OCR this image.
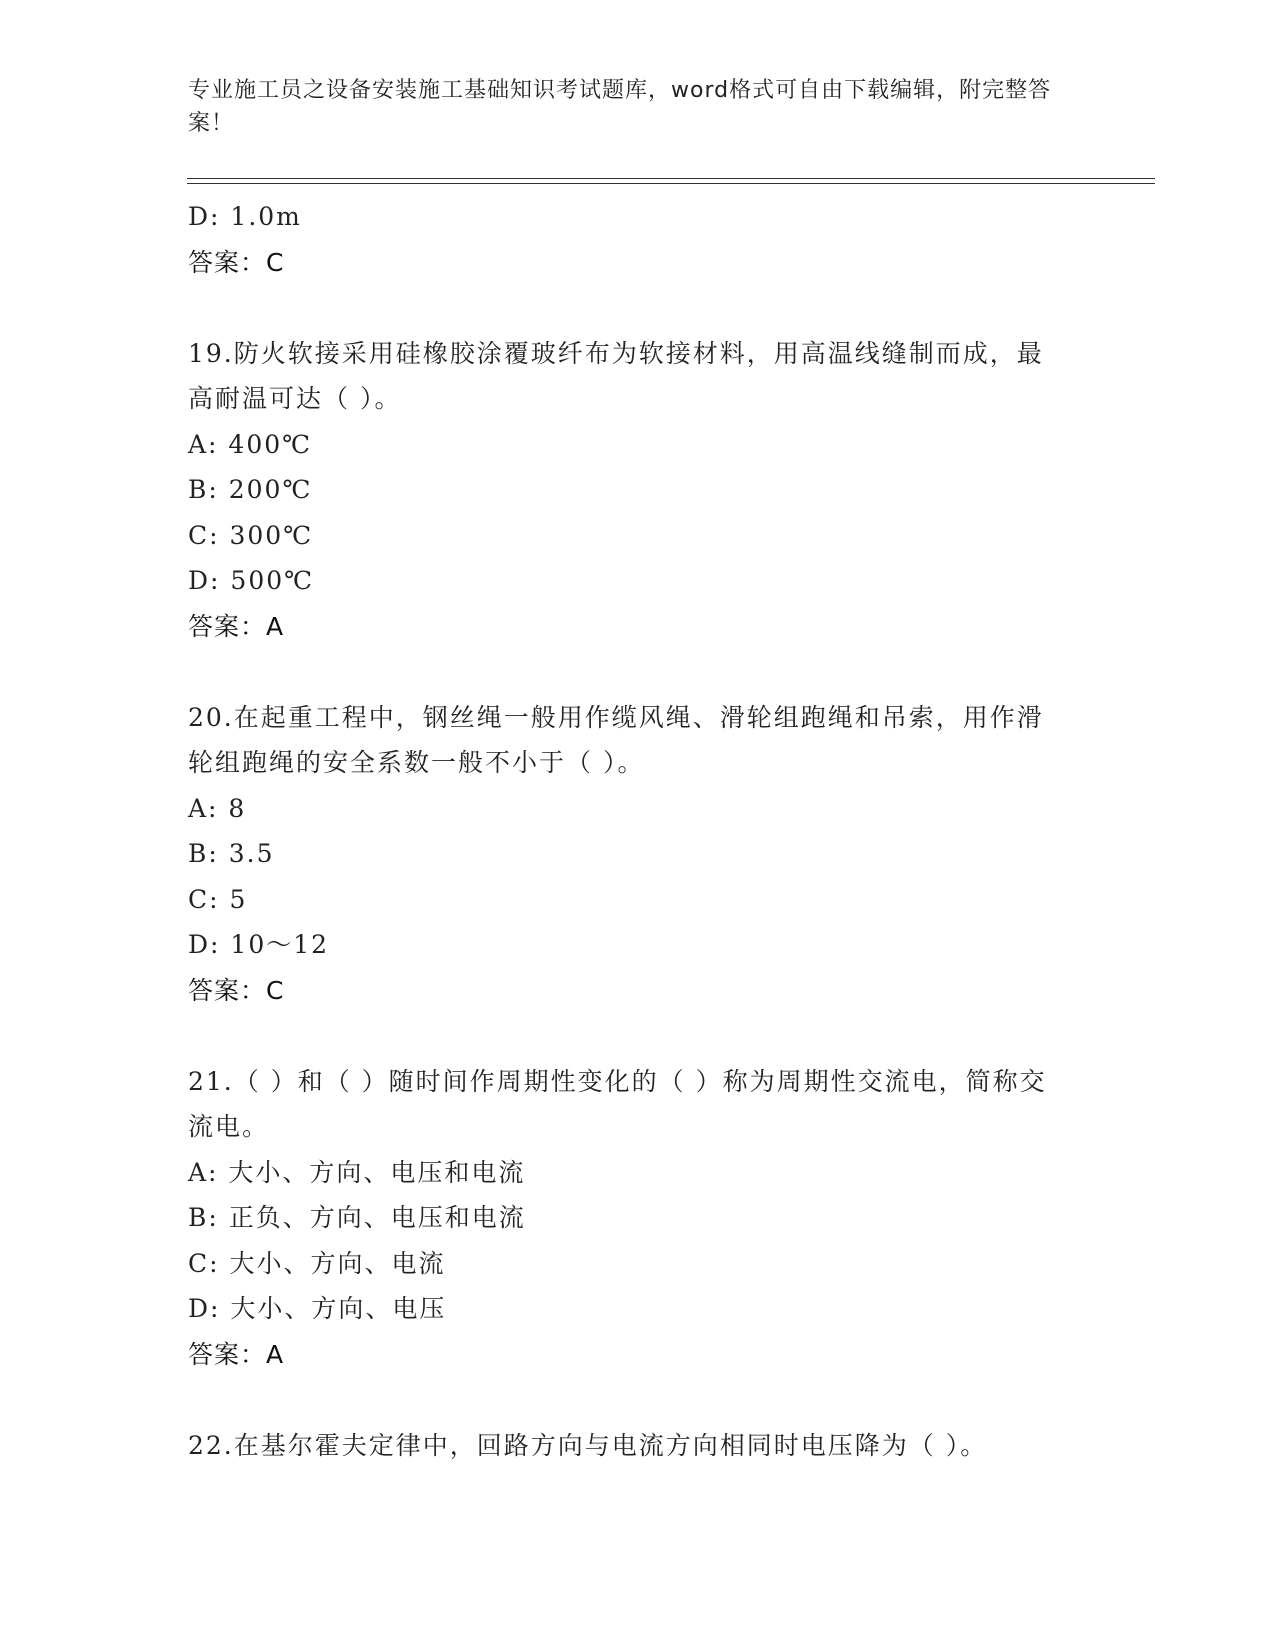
专业施工员之设备安装施工基础知识考试题库，word格式可自由下载编辑，附完整答案！
D: 1.0m
答案：C
19.防火软接采用硅橡胶涂覆玻纤布为软接材料，用高温线缝制而成，最高耐温可达（ ）。
A: 400℃
B: 200℃
C: 300℃
D: 500℃
答案：A
20.在起重工程中，钢丝绳一般用作缆风绳、滑轮组跑绳和吊索，用作滑轮组跑绳的安全系数一般不小于（ ）。
A: 8
B: 3.5
C: 5
D: 10～12
答案：C
21.（ ）和（ ）随时间作周期性变化的（ ）称为周期性交流电，简称交流电。
A: 大小、方向、电压和电流
B: 正负、方向、电压和电流
C: 大小、方向、电流
D: 大小、方向、电压
答案：A
22.在基尔霍夫定律中，回路方向与电流方向相同时电压降为（ ）。
